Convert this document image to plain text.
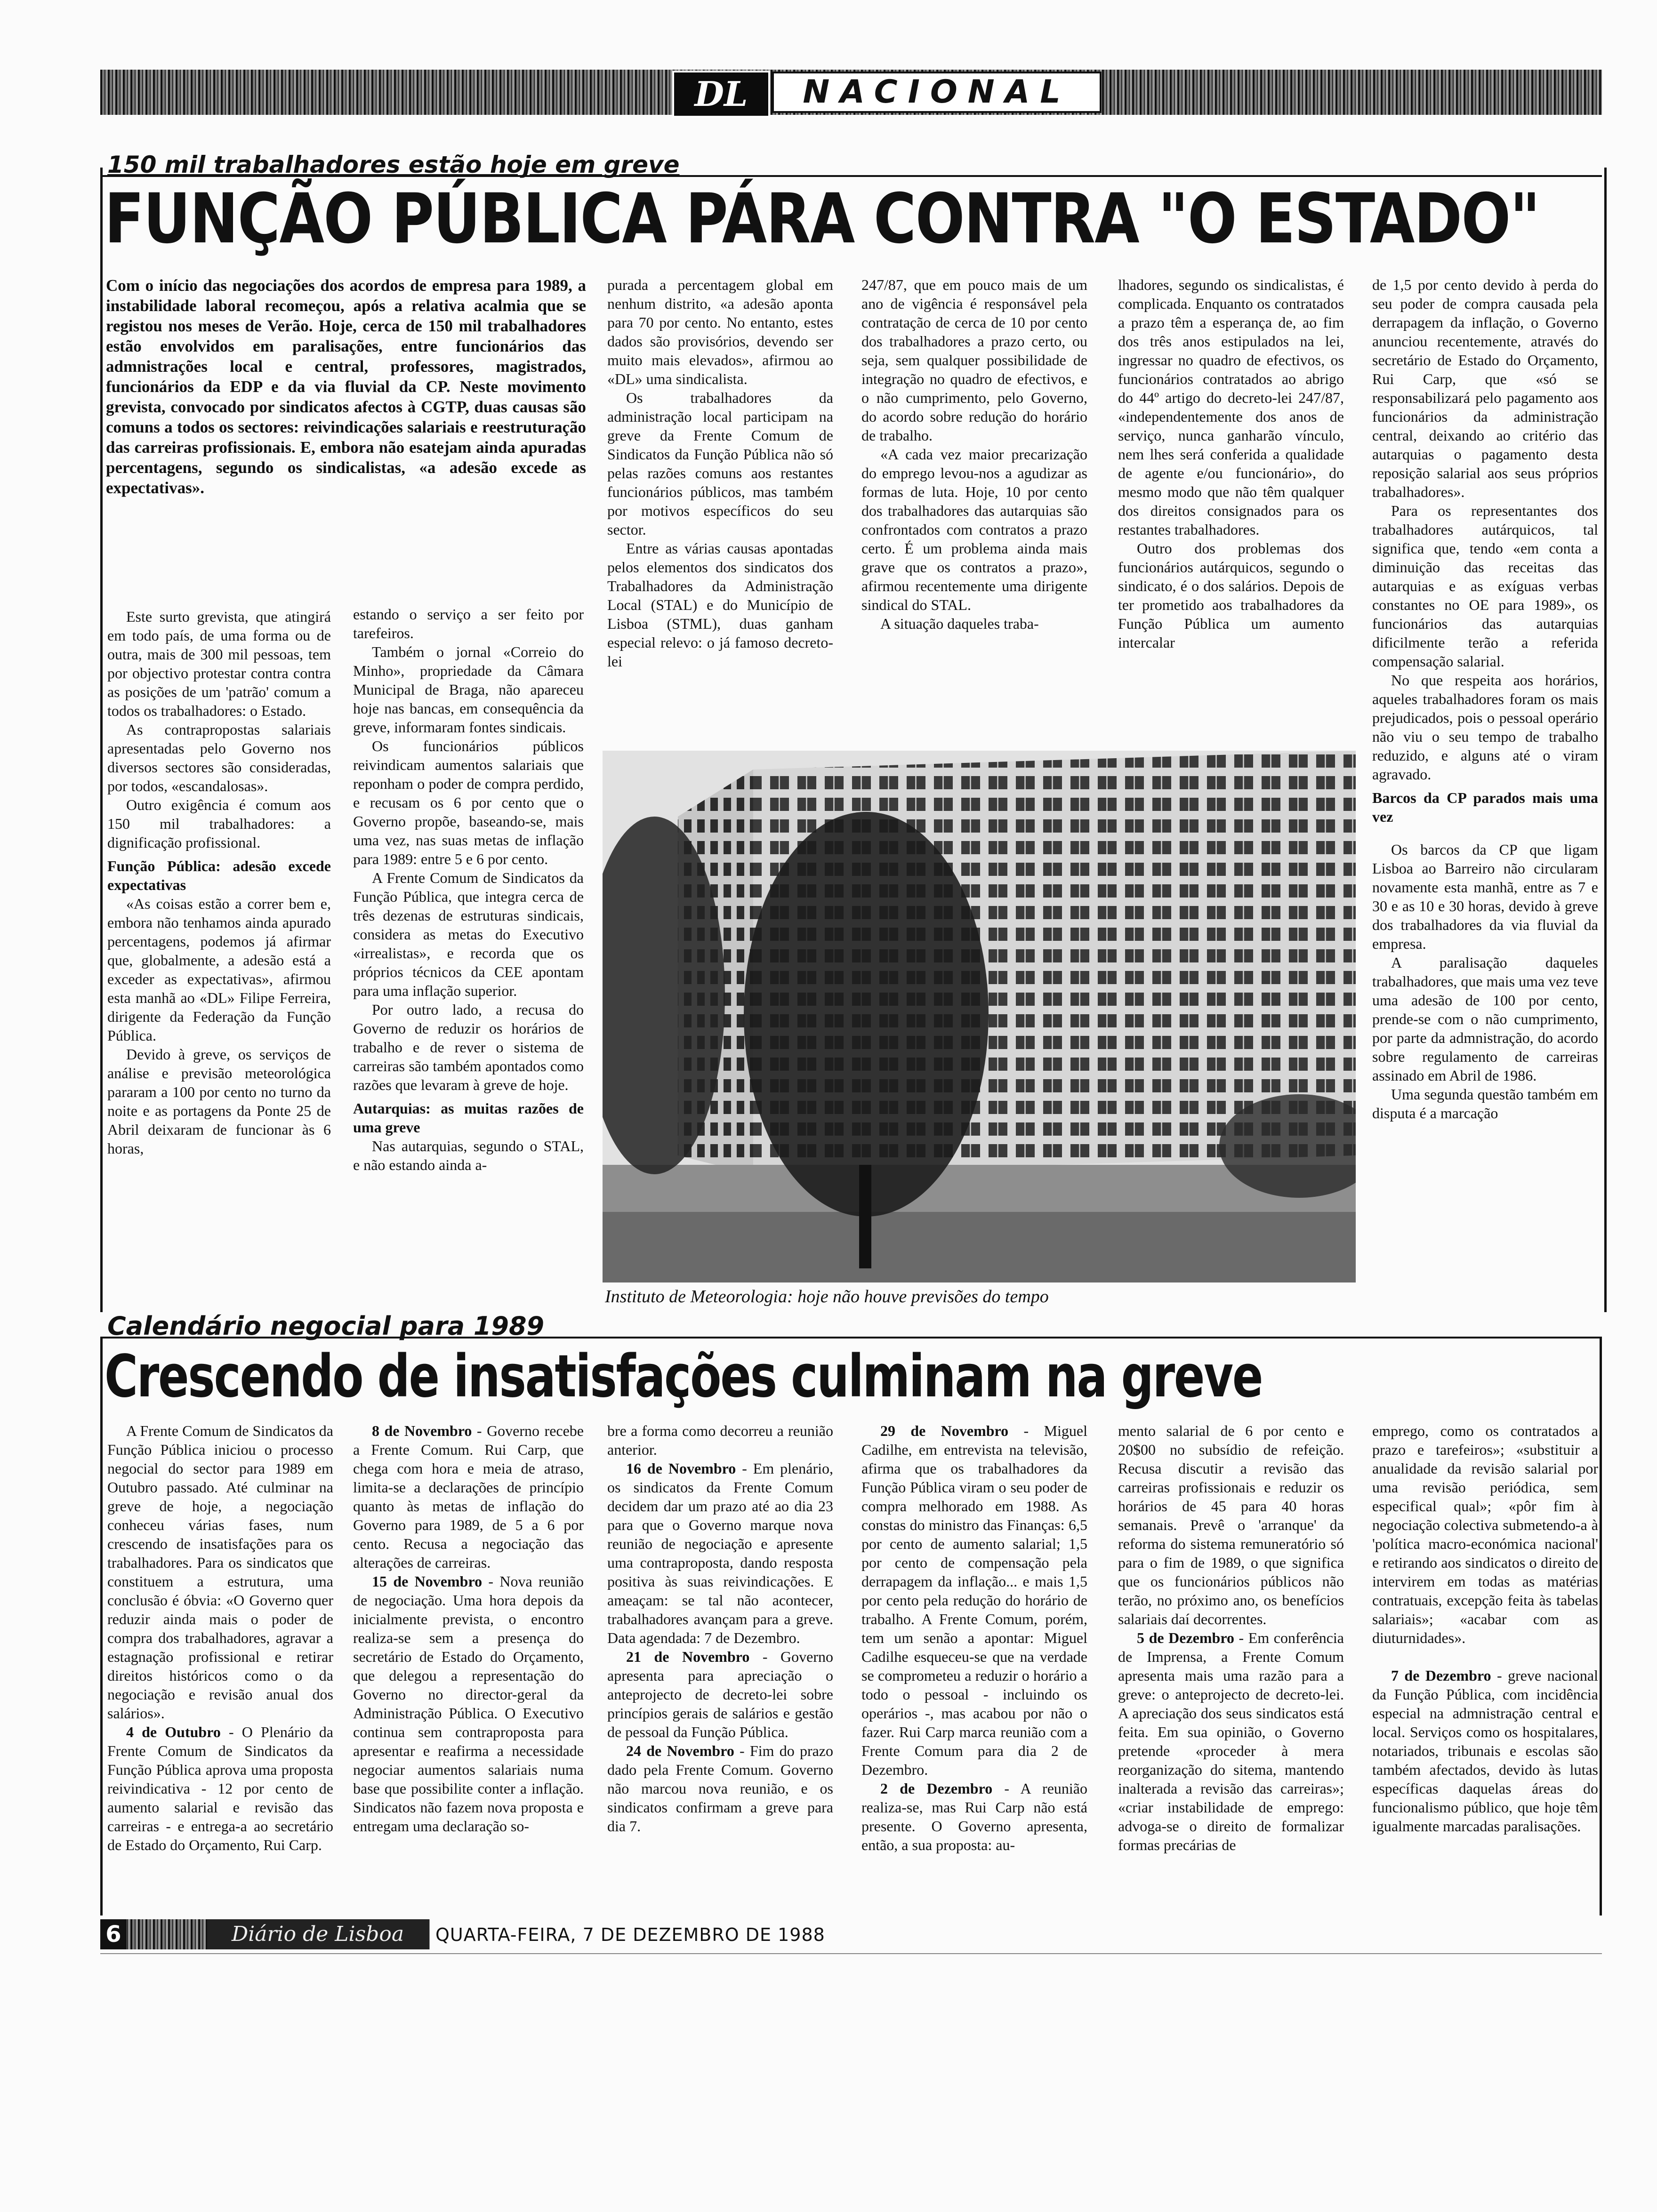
DL	NACIONAL
150 mil trabalhadores estão hoje em greve
FUNÇÃO PÚBLICA PÁRA CONTRA "O ESTADO"

Com o início das negociações dos acordos de empresa para 1989, a instabilidade laboral recomeçou, após a relativa acalmia que se registou nos meses de Verão. Hoje, cerca de 150 mil trabalhadores estão envolvidos em paralisações, entre funcionários das admnistrações local e central, professores, magistrados, funcionários da EDP e da via fluvial da CP. Neste movimento grevista, convocado por sindicatos afectos à CGTP, duas causas são comuns a todos os sectores: reivindicações salariais e reestruturação das carreiras profissionais. E, embora não esatejam ainda apuradas percentagens, segundo os sindicalistas, «a adesão excede as expectativas».

Este surto grevista, que atingirá em todo país, de uma forma ou de outra, mais de 300 mil pessoas, tem por objectivo protestar contra contra as posições de um 'patrão' comum a todos os trabalhadores: o Estado.

As contrapropostas salariais apresentadas pelo Governo nos diversos sectores são consideradas, por todos, «escandalosas».

Outro exigência é comum aos 150 mil trabalhadores: a dignificação profissional.

Função Pública: adesão excede expectativas

«As coisas estão a correr bem e, embora não tenhamos ainda apurado percentagens, podemos já afirmar que, globalmente, a adesão está a exceder as expectativas», afirmou esta manhã ao «DL» Filipe Ferreira, dirigente da Federação da Função Pública.

Devido à greve, os serviços de análise e previsão meteorológica pararam a 100 por cento no turno da noite e as portagens da Ponte 25 de Abril deixaram de funcionar às 6 horas,

estando o serviço a ser feito por tarefeiros.

Também o jornal «Correio do Minho», propriedade da Câmara Municipal de Braga, não apareceu hoje nas bancas, em consequência da greve, informaram fontes sindicais.

Os funcionários públicos reivindicam aumentos salariais que reponham o poder de compra perdido, e recusam os 6 por cento que o Governo propõe, baseando-se, mais uma vez, nas suas metas de inflação para 1989: entre 5 e 6 por cento.

A Frente Comum de Sindicatos da Função Pública, que integra cerca de três dezenas de estruturas sindicais, considera as metas do Executivo «irrealistas», e recorda que os próprios técnicos da CEE apontam para uma inflação superior.

Por outro lado, a recusa do Governo de reduzir os horários de trabalho e de rever o sistema de carreiras são também apontados como razões que levaram à greve de hoje.

Autarquias: as muitas razões de uma greve

Nas autarquias, segundo o STAL, e não estando ainda a-

purada a percentagem global em nenhum distrito, «a adesão aponta para 70 por cento. No entanto, estes dados são provisórios, devendo ser muito mais elevados», afirmou ao «DL» uma sindicalista.

Os trabalhadores da administração local participam na greve da Frente Comum de Sindicatos da Função Pública não só pelas razões comuns aos restantes funcionários públicos, mas também por motivos específicos do seu sector.

Entre as várias causas apontadas pelos elementos dos sindicatos dos Trabalhadores da Administração Local (STAL) e do Município de Lisboa (STML), duas ganham especial relevo: o já famoso decreto-lei

247/87, que em pouco mais de um ano de vigência é responsável pela contratação de cerca de 10 por cento dos trabalhadores a prazo certo, ou seja, sem qualquer possibilidade de integração no quadro de efectivos, e o não cumprimento, pelo Governo, do acordo sobre redução do horário de trabalho.

«A cada vez maior precarização do emprego levou-nos a agudizar as formas de luta. Hoje, 10 por cento dos trabalhadores das autarquias são confrontados com contratos a prazo certo. É um problema ainda mais grave que os contratos a prazo», afirmou recentemente uma dirigente sindical do STAL.

A situação daqueles traba-

lhadores, segundo os sindicalistas, é complicada. Enquanto os contratados a prazo têm a esperança de, ao fim dos três anos estipulados na lei, ingressar no quadro de efectivos, os funcionários contratados ao abrigo do 44º artigo do decreto-lei 247/87, «independentemente dos anos de serviço, nunca ganharão vínculo, nem lhes será conferida a qualidade de agente e/ou funcionário», do mesmo modo que não têm qualquer dos direitos consignados para os restantes trabalhadores.

Outro dos problemas dos funcionários autárquicos, segundo o sindicato, é o dos salários. Depois de ter prometido aos trabalhadores da Função Pública um aumento intercalar

de 1,5 por cento devido à perda do seu poder de compra causada pela derrapagem da inflação, o Governo anunciou recentemente, através do secretário de Estado do Orçamento, Rui Carp, que «só se responsabilizará pelo pagamento aos funcionários da administração central, deixando ao critério das autarquias o pagamento desta reposição salarial aos seus próprios trabalhadores».

Para os representantes dos trabalhadores autárquicos, tal significa que, tendo «em conta a diminuição das receitas das autarquias e as exíguas verbas constantes no OE para 1989», os funcionários das autarquias dificilmente terão a referida compensação salarial.

No que respeita aos horários, aqueles trabalhadores foram os mais prejudicados, pois o pessoal operário não viu o seu tempo de trabalho reduzido, e alguns até o viram agravado.

Barcos da CP parados mais uma vez

Os barcos da CP que ligam Lisboa ao Barreiro não circularam novamente esta manhã, entre as 7 e 30 e as 10 e 30 horas, devido à greve dos trabalhadores da via fluvial da empresa.

A paralisação daqueles trabalhadores, que mais uma vez teve uma adesão de 100 por cento, prende-se com o não cumprimento, por parte da admnistração, do acordo sobre regulamento de carreiras assinado em Abril de 1986.

Uma segunda questão também em disputa é a marcação

Instituto de Meteorologia: hoje não houve previsões do tempo
Calendário negocial para 1989
Crescendo de insatisfações culminam na greve

A Frente Comum de Sindicatos da Função Pública iniciou o processo negocial do sector para 1989 em Outubro passado. Até culminar na greve de hoje, a negociação conheceu várias fases, num crescendo de insatisfações para os trabalhadores. Para os sindicatos que constituem a estrutura, uma conclusão é óbvia: «O Governo quer reduzir ainda mais o poder de compra dos trabalhadores, agravar a estagnação profissional e retirar direitos históricos como o da negociação e revisão anual dos salários».

4 de Outubro - O Plenário da Frente Comum de Sindicatos da Função Pública aprova uma proposta reivindicativa - 12 por cento de aumento salarial e revisão das carreiras - e entrega-a ao secretário de Estado do Orçamento, Rui Carp.

8 de Novembro - Governo recebe a Frente Comum. Rui Carp, que chega com hora e meia de atraso, limita-se a declarações de princípio quanto às metas de inflação do Governo para 1989, de 5 a 6 por cento. Recusa a negociação das alterações de carreiras.

15 de Novembro - Nova reunião de negociação. Uma hora depois da inicialmente prevista, o encontro realiza-se sem a presença do secretário de Estado do Orçamento, que delegou a representação do Governo no director-geral da Administração Pública. O Executivo continua sem contraproposta para apresentar e reafirma a necessidade negociar aumentos salariais numa base que possibilite conter a inflação. Sindicatos não fazem nova proposta e entregam uma declaração so-

bre a forma como decorreu a reunião anterior.

16 de Novembro - Em plenário, os sindicatos da Frente Comum decidem dar um prazo até ao dia 23 para que o Governo marque nova reunião de negociação e apresente uma contraproposta, dando resposta positiva às suas reivindicações. E ameaçam: se tal não acontecer, trabalhadores avançam para a greve. Data agendada: 7 de Dezembro.

21 de Novembro - Governo apresenta para apreciação o anteprojecto de decreto-lei sobre princípios gerais de salários e gestão de pessoal da Função Pública.

24 de Novembro - Fim do prazo dado pela Frente Comum. Governo não marcou nova reunião, e os sindicatos confirmam a greve para dia 7.

29 de Novembro - Miguel Cadilhe, em entrevista na televisão, afirma que os trabalhadores da Função Pública viram o seu poder de compra melhorado em 1988. As constas do ministro das Finanças: 6,5 por cento de aumento salarial; 1,5 por cento de compensação pela derrapagem da inflação... e mais 1,5 por cento pela redução do horário de trabalho. A Frente Comum, porém, tem um senão a apontar: Miguel Cadilhe esqueceu-se que na verdade se comprometeu a reduzir o horário a todo o pessoal - incluindo os operários -, mas acabou por não o fazer. Rui Carp marca reunião com a Frente Comum para dia 2 de Dezembro.

2 de Dezembro - A reunião realiza-se, mas Rui Carp não está presente. O Governo apresenta, então, a sua proposta: au-

mento salarial de 6 por cento e 20$00 no subsídio de refeição. Recusa discutir a revisão das carreiras profissionais e reduzir os horários de 45 para 40 horas semanais. Prevê o 'arranque' da reforma do sistema remuneratório só para o fim de 1989, o que significa que os funcionários públicos não terão, no próximo ano, os benefícios salariais daí decorrentes.

5 de Dezembro - Em conferência de Imprensa, a Frente Comum apresenta mais uma razão para a greve: o anteprojecto de decreto-lei. A apreciação dos seus sindicatos está feita. Em sua opinião, o Governo pretende «proceder à mera reorganização do sitema, mantendo inalterada a revisão das carreiras»; «criar instabilidade de emprego: advoga-se o direito de formalizar formas precárias de

emprego, como os contratados a prazo e tarefeiros»; «substituir a anualidade da revisão salarial por uma revisão periódica, sem especifical qual»; «pôr fim à negociação colectiva submetendo-a à 'política macro-económica nacional' e retirando aos sindicatos o direito de intervirem em todas as matérias contratuais, excepção feita às tabelas salariais»; «acabar com as diuturnidades».

7 de Dezembro - greve nacional da Função Pública, com incidência especial na admnistração central e local. Serviços como os hospitalares, notariados, tribunais e escolas são também afectados, devido às lutas específicas daquelas áreas do funcionalismo público, que hoje têm igualmente marcadas paralisações.

6	Diário de Lisboa	QUARTA-FEIRA, 7 DE DEZEMBRO DE 1988
